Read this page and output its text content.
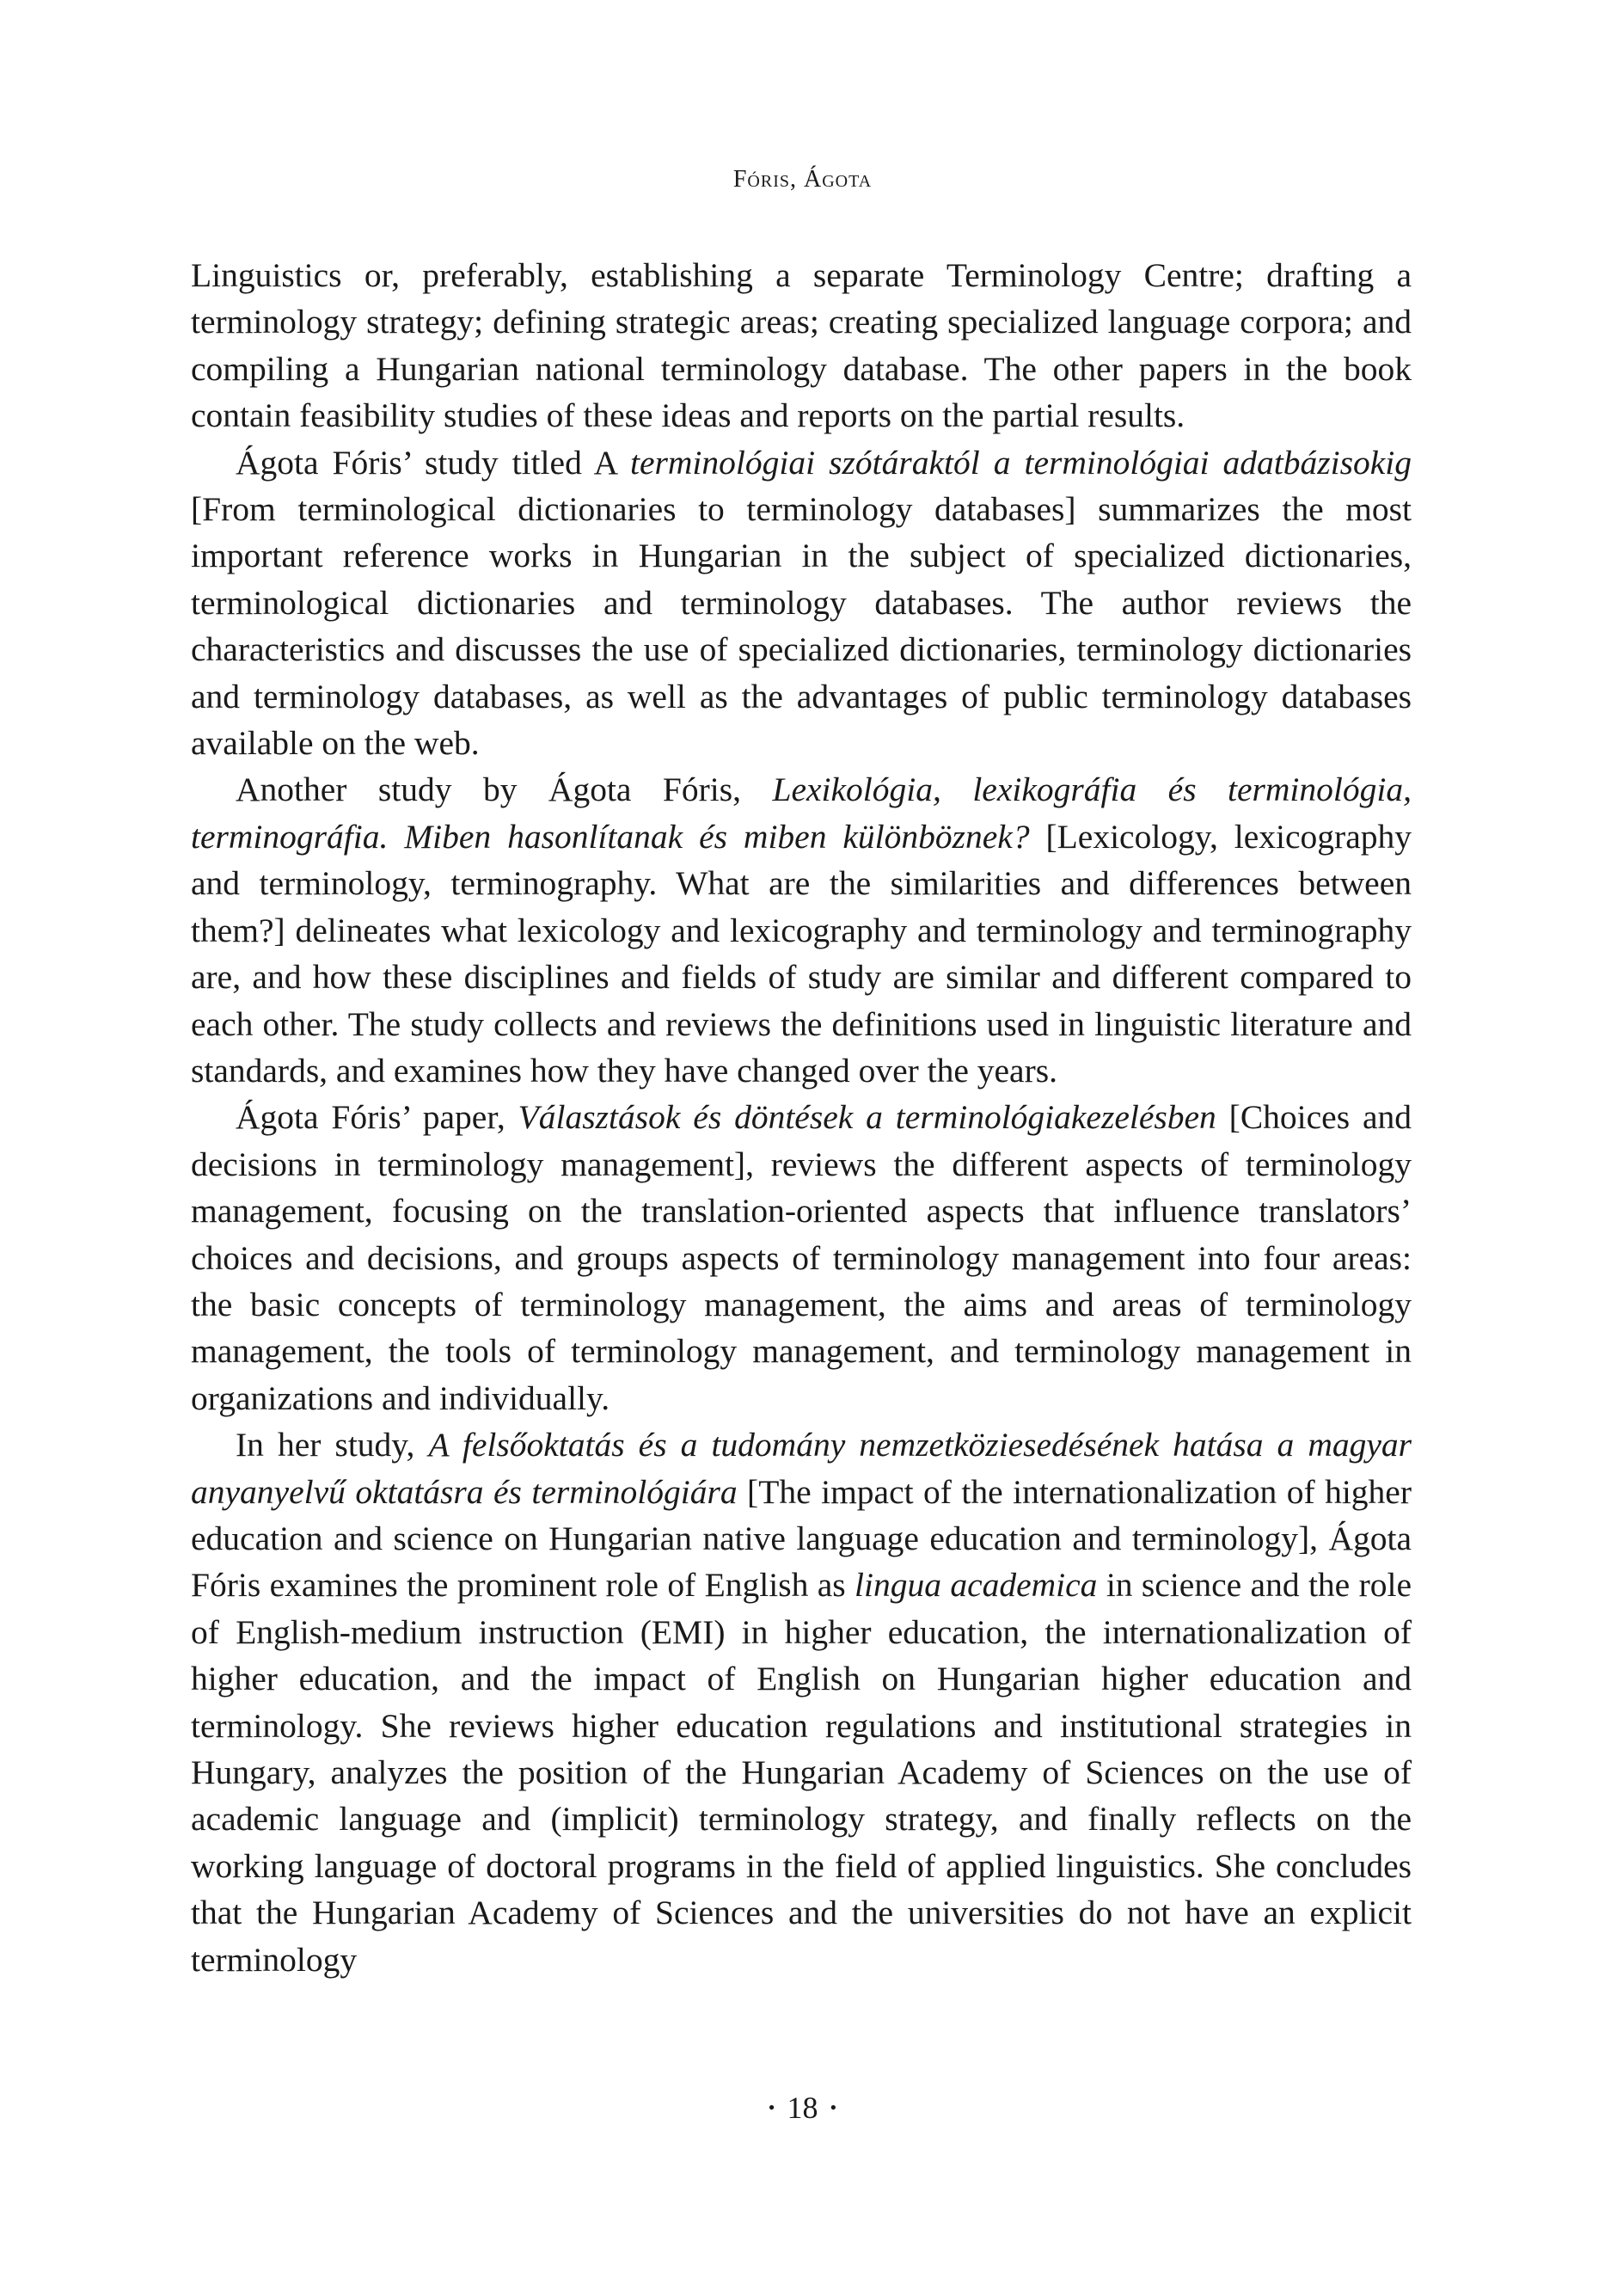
Fóris, Ágota

Linguistics or, preferably, establishing a separate Terminology Centre; drafting a terminology strategy; defining strategic areas; creating specialized language corpora; and compiling a Hungarian national terminology database. The other papers in the book contain feasibility studies of these ideas and reports on the partial results.

Ágota Fóris’ study titled A terminológiai szótáraktól a terminológiai adatbázisokig [From terminological dictionaries to terminology databases] summarizes the most important reference works in Hungarian in the subject of specialized dictionaries, terminological dictionaries and terminology databases. The author reviews the characteristics and discusses the use of specialized dictionaries, terminology dictionaries and terminology databases, as well as the advantages of public terminology databases available on the web.

Another study by Ágota Fóris, Lexikológia, lexikográfia és terminológia, terminográfia. Miben hasonlítanak és miben különböznek? [Lexicology, lexicography and terminology, terminography. What are the similarities and differences between them?] delineates what lexicology and lexicography and terminology and terminography are, and how these disciplines and fields of study are similar and different compared to each other. The study collects and reviews the definitions used in linguistic literature and standards, and examines how they have changed over the years.

Ágota Fóris’ paper, Választások és döntések a terminológiakezelésben [Choices and decisions in terminology management], reviews the different aspects of terminology management, focusing on the translation-oriented aspects that influence translators’ choices and decisions, and groups aspects of terminology management into four areas: the basic concepts of terminology management, the aims and areas of terminology management, the tools of terminology management, and terminology management in organizations and individually.

In her study, A felsőoktatás és a tudomány nemzetköziesedésének hatása a magyar anyanyelvű oktatásra és terminológiára [The impact of the internationalization of higher education and science on Hungarian native language education and terminology], Ágota Fóris examines the prominent role of English as lingua academica in science and the role of English-medium instruction (EMI) in higher education, the internationalization of higher education, and the impact of English on Hungarian higher education and terminology. She reviews higher education regulations and institutional strategies in Hungary, analyzes the position of the Hungarian Academy of Sciences on the use of academic language and (implicit) terminology strategy, and finally reflects on the working language of doctoral programs in the field of applied linguistics. She concludes that the Hungarian Academy of Sciences and the universities do not have an explicit terminology

• 18 •
